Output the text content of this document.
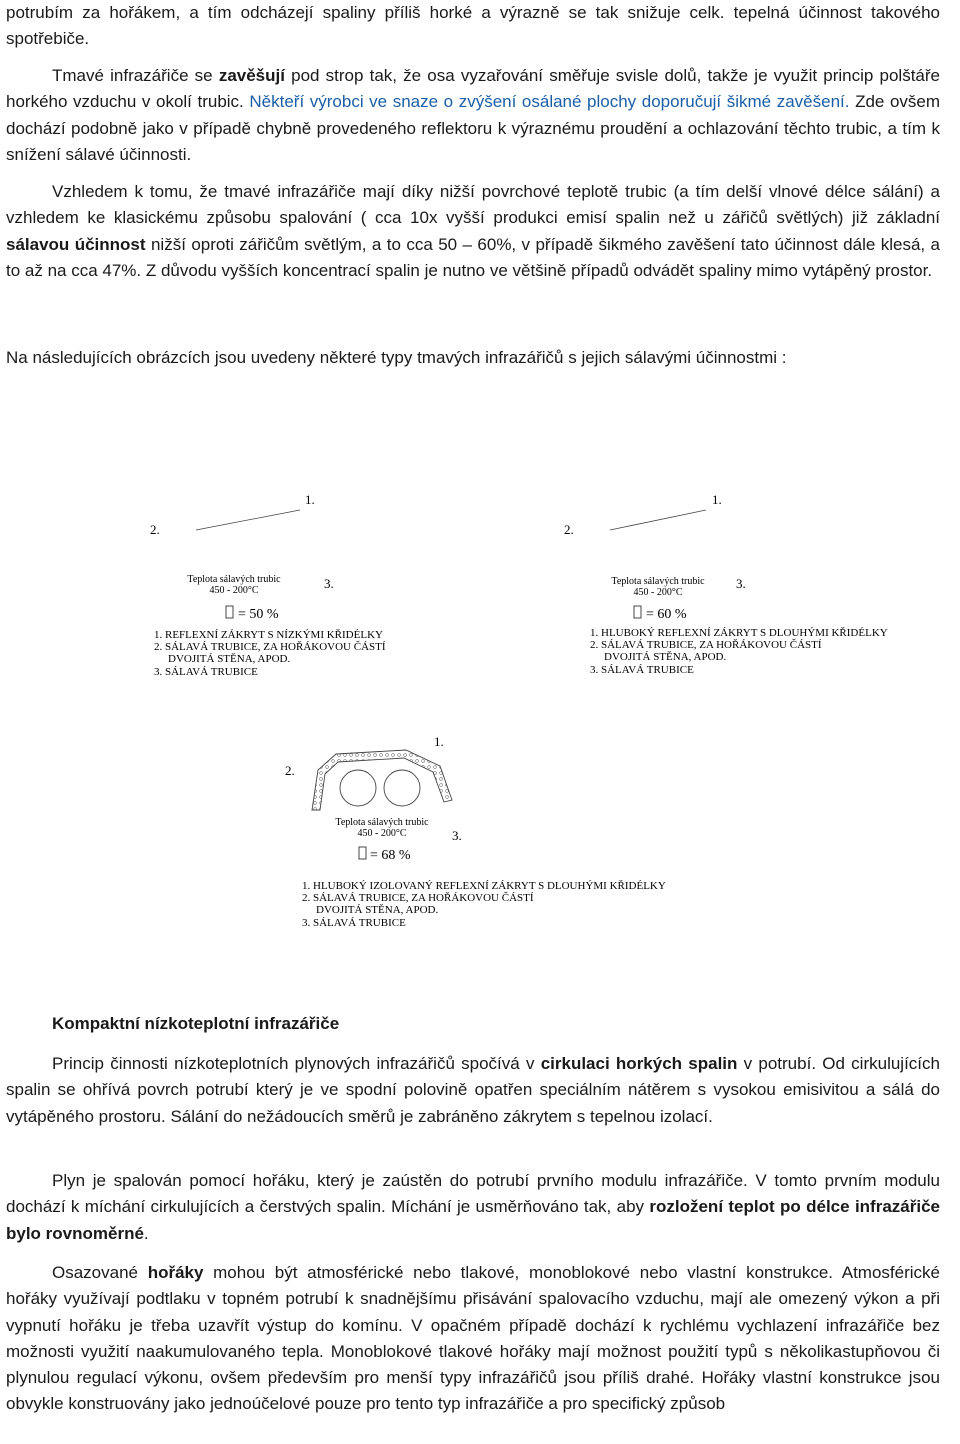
potrubím za hořákem, a tím odcházejí spaliny příliš horké a výrazně se tak snižuje celk. tepelná účinnost takového spotřebiče.

Tmavé infrazářiče se zavěšují pod strop tak, že osa vyzařování směřuje svisle dolů, takže je využit princip polštáře horkého vzduchu v okolí trubic. Někteří výrobci ve snaze o zvýšení osálané plochy doporučují šikmé zavěšení. Zde ovšem dochází podobně jako v případě chybně provedeného reflektoru k výraznému proudění a ochlazování těchto trubic, a tím k snížení sálavé účinnosti.

Vzhledem k tomu, že tmavé infrazářiče mají díky nižší povrchové teplotě trubic (a tím delší vlnové délce sálání) a vzhledem ke klasickému způsobu spalování ( cca 10x vyšší produkci emisí spalin než u zářičů světlých) již základní sálavou účinnost nižší oproti zářičům světlým, a to cca 50 – 60%, v případě šikmého zavěšení tato účinnost dále klesá, a to až na cca 47%. Z důvodu vyšších koncentrací spalin je nutno ve většině případů odvádět spaliny mimo vytápěný prostor.

Na následujících obrázcích jsou uvedeny některé typy tmavých infrazářičů s jejich sálavými účinnostmi :

1.
2.
Teplota sálavých trubic
450 - 200°C	3.
= 50 %
1. REFLEXNÍ ZÁKRYT S NÍZKÝMI KŘIDÉLKY
2. SÁLAVÁ TRUBICE, ZA HOŘÁKOVOU ČÁSTÍ
DVOJITÁ STĚNA, APOD.
3. SÁLAVÁ TRUBICE
1.
2.
Teplota sálavých trubic
450 - 200°C
3.
= 60 %
1. HLUBOKÝ REFLEXNÍ ZÁKRYT S DLOUHÝMI KŘIDÉLKY
2. SÁLAVÁ TRUBICE, ZA HOŘÁKOVOU ČÁSTÍ
DVOJITÁ STĚNA, APOD.
3. SÁLAVÁ TRUBICE
1.
2.
Teplota sálavých trubic
450 - 200°C	3.
= 68 %
1. HLUBOKÝ IZOLOVANÝ REFLEXNÍ ZÁKRYT S DLOUHÝMI KŘIDÉLKY
2. SÁLAVÁ TRUBICE, ZA HOŘÁKOVOU ČÁSTÍ
DVOJITÁ STĚNA, APOD.
3. SÁLAVÁ TRUBICE

Kompaktní nízkoteplotní infrazářiče

Princip činnosti nízkoteplotních plynových infrazářičů spočívá v cirkulaci horkých spalin v potrubí. Od cirkulujících spalin se ohřívá povrch potrubí který je ve spodní polovině opatřen speciálním nátěrem s vysokou emisivitou a sálá do vytápěného prostoru. Sálání do nežádoucích směrů je zabráněno zákrytem s tepelnou izolací.

Plyn je spalován pomocí hořáku, který je zaústěn do potrubí prvního modulu infrazářiče. V tomto prvním modulu dochází k míchání cirkulujících a čerstvých spalin. Míchání je usměrňováno tak, aby rozložení teplot po délce infrazářiče bylo rovnoměrné.

Osazované hořáky mohou být atmosférické nebo tlakové, monoblokové nebo vlastní konstrukce. Atmosférické hořáky využívají podtlaku v topném potrubí k snadnějšímu přisávání spalovacího vzduchu, mají ale omezený výkon a při vypnutí hořáku je třeba uzavřít výstup do komínu. V opačném případě dochází k rychlému vychlazení infrazářiče bez možnosti využití naakumulovaného tepla. Monoblokové tlakové hořáky mají možnost použití typů s několikastupňovou či plynulou regulací výkonu, ovšem především pro menší typy infrazářičů jsou příliš drahé. Hořáky vlastní konstrukce jsou obvykle konstruovány jako jednoúčelové pouze pro tento typ infrazářiče a pro specifický způsob
